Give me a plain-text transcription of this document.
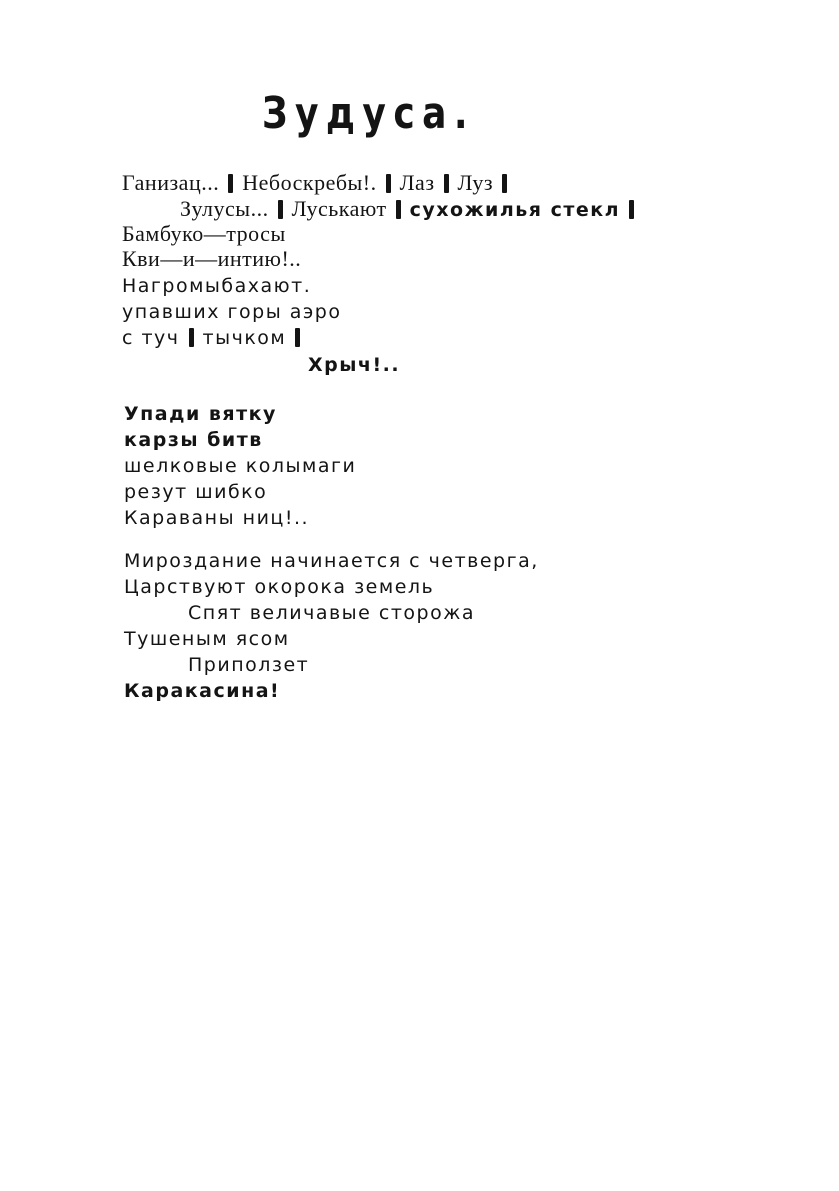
Зудуса.
Ганизац... Небоскребы!. Лаз Луз
Зулусы... Луськают сухожилья стекл
Бамбуко—тросы
Кви—и—интию!..
Нагромыбахают.
упавших горы аэро
с туч тычком
Хрыч!..
Упади вятку
карзы битв
шелковые колымаги
резут шибко
Караваны ниц!..
Мироздание начинается с четверга,
Царствуют окорока земель
Спят величавые сторожа
Тушеным ясом
Приползет
Каракасина!
